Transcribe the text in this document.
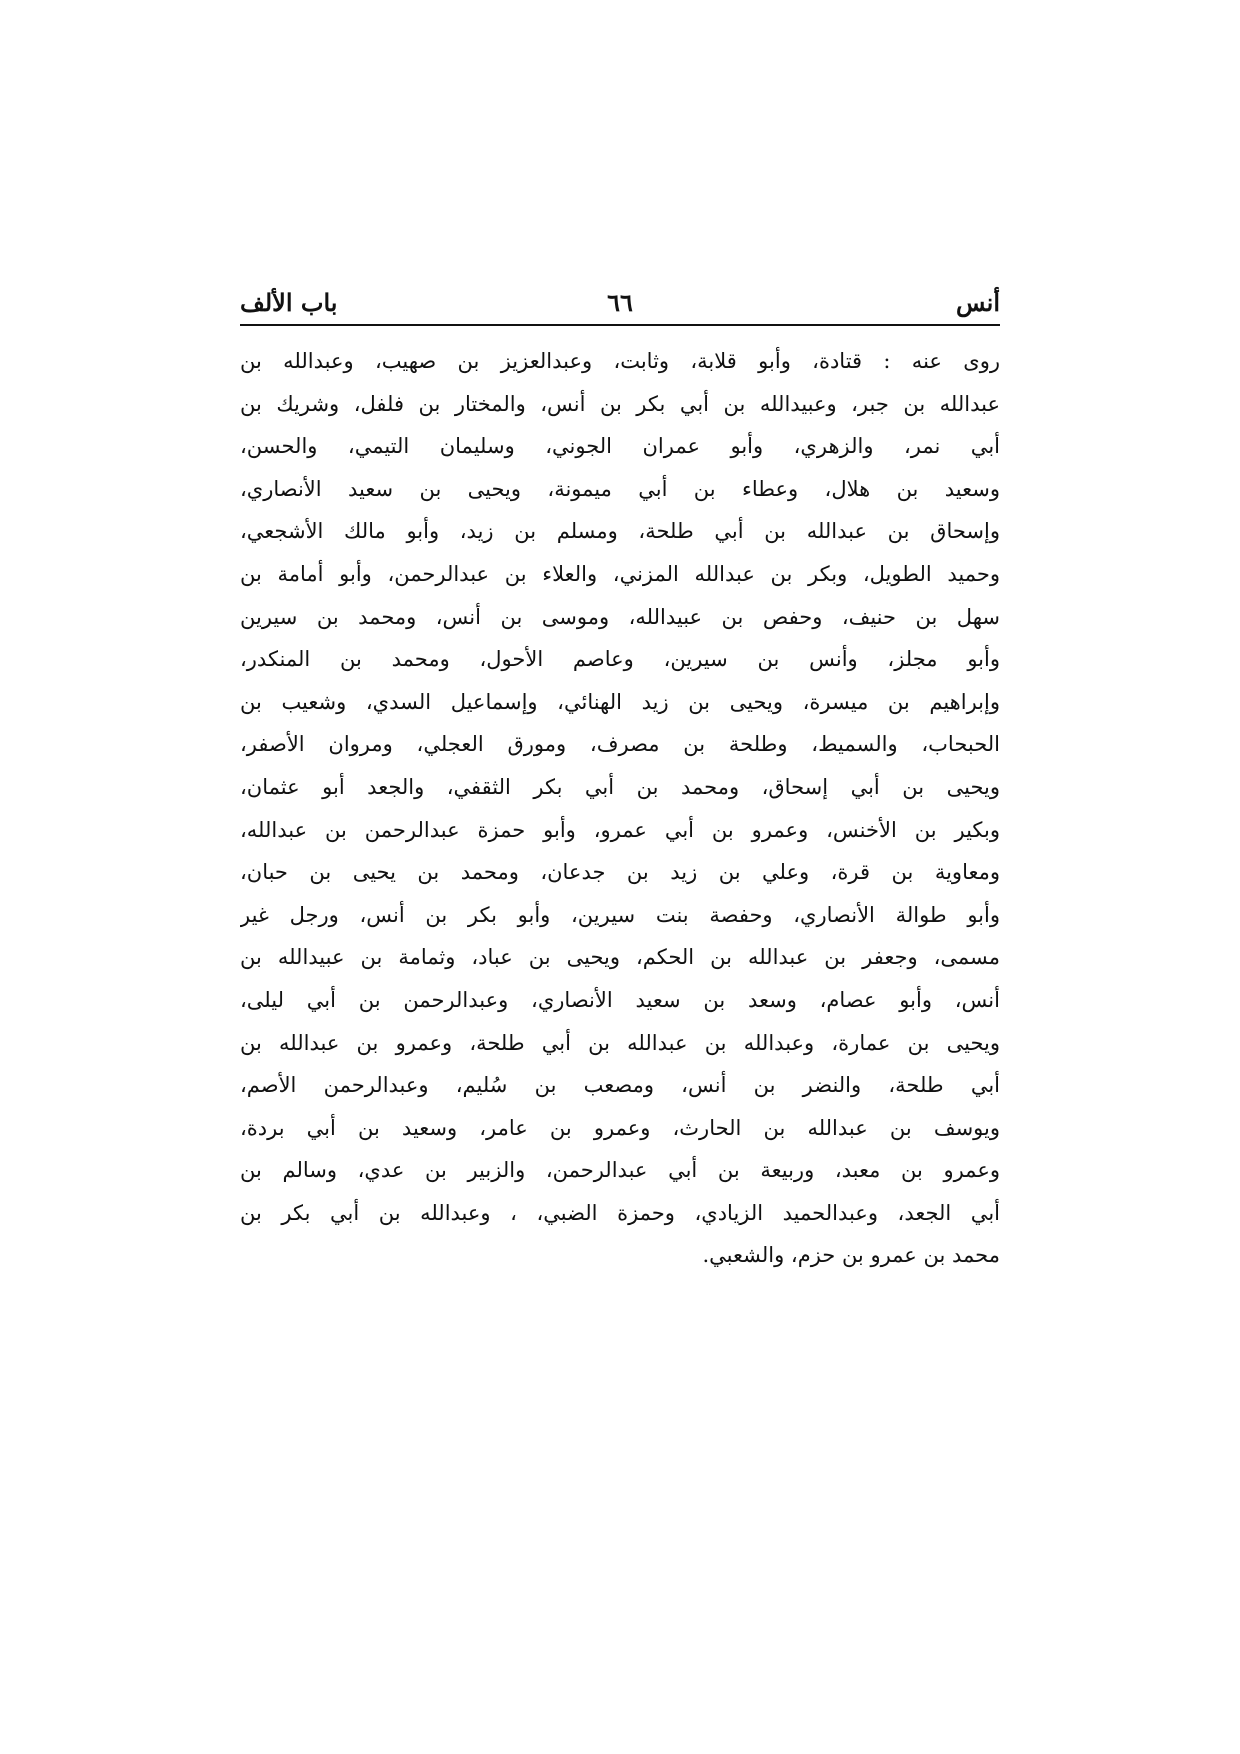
أنس
٦٦
باب الألف
روى عنه : قتادة، وأبو قلابة، وثابت، وعبدالعزيز بن صهيب، وعبدالله بن
عبدالله بن جبر، وعبيدالله بن أبي بكر بن أنس، والمختار بن فلفل، وشريك بن
أبي نمر، والزهري، وأبو عمران الجوني، وسليمان التيمي، والحسن،
وسعيد بن هلال، وعطاء بن أبي ميمونة، ويحيى بن سعيد الأنصاري،
وإسحاق بن عبدالله بن أبي طلحة، ومسلم بن زيد، وأبو مالك الأشجعي،
وحميد الطويل، وبكر بن عبدالله المزني، والعلاء بن عبدالرحمن، وأبو أمامة بن
سهل بن حنيف، وحفص بن عبيدالله، وموسى بن أنس، ومحمد بن سيرين
وأبو مجلز، وأنس بن سيرين، وعاصم الأحول، ومحمد بن المنكدر،
وإبراهيم بن ميسرة، ويحيى بن زيد الهنائي، وإسماعيل السدي، وشعيب بن
الحبحاب، والسميط، وطلحة بن مصرف، ومورق العجلي، ومروان الأصفر،
ويحيى بن أبي إسحاق، ومحمد بن أبي بكر الثقفي، والجعد أبو عثمان،
وبكير بن الأخنس، وعمرو بن أبي عمرو، وأبو حمزة عبدالرحمن بن عبدالله،
ومعاوية بن قرة، وعلي بن زيد بن جدعان، ومحمد بن يحيى بن حبان،
وأبو طوالة الأنصاري، وحفصة بنت سيرين، وأبو بكر بن أنس، ورجل غير
مسمى، وجعفر بن عبدالله بن الحكم، ويحيى بن عباد، وثمامة بن عبيدالله بن
أنس، وأبو عصام، وسعد بن سعيد الأنصاري، وعبدالرحمن بن أبي ليلى،
ويحيى بن عمارة، وعبدالله بن عبدالله بن أبي طلحة، وعمرو بن عبدالله بن
أبي طلحة، والنضر بن أنس، ومصعب بن سُليم، وعبدالرحمن الأصم،
ويوسف بن عبدالله بن الحارث، وعمرو بن عامر، وسعيد بن أبي بردة،
وعمرو بن معبد، وربيعة بن أبي عبدالرحمن، والزبير بن عدي، وسالم بن
أبي الجعد، وعبدالحميد الزيادي، وحمزة الضبي، ، وعبدالله بن أبي بكر بن
محمد بن عمرو بن حزم، والشعبي.
